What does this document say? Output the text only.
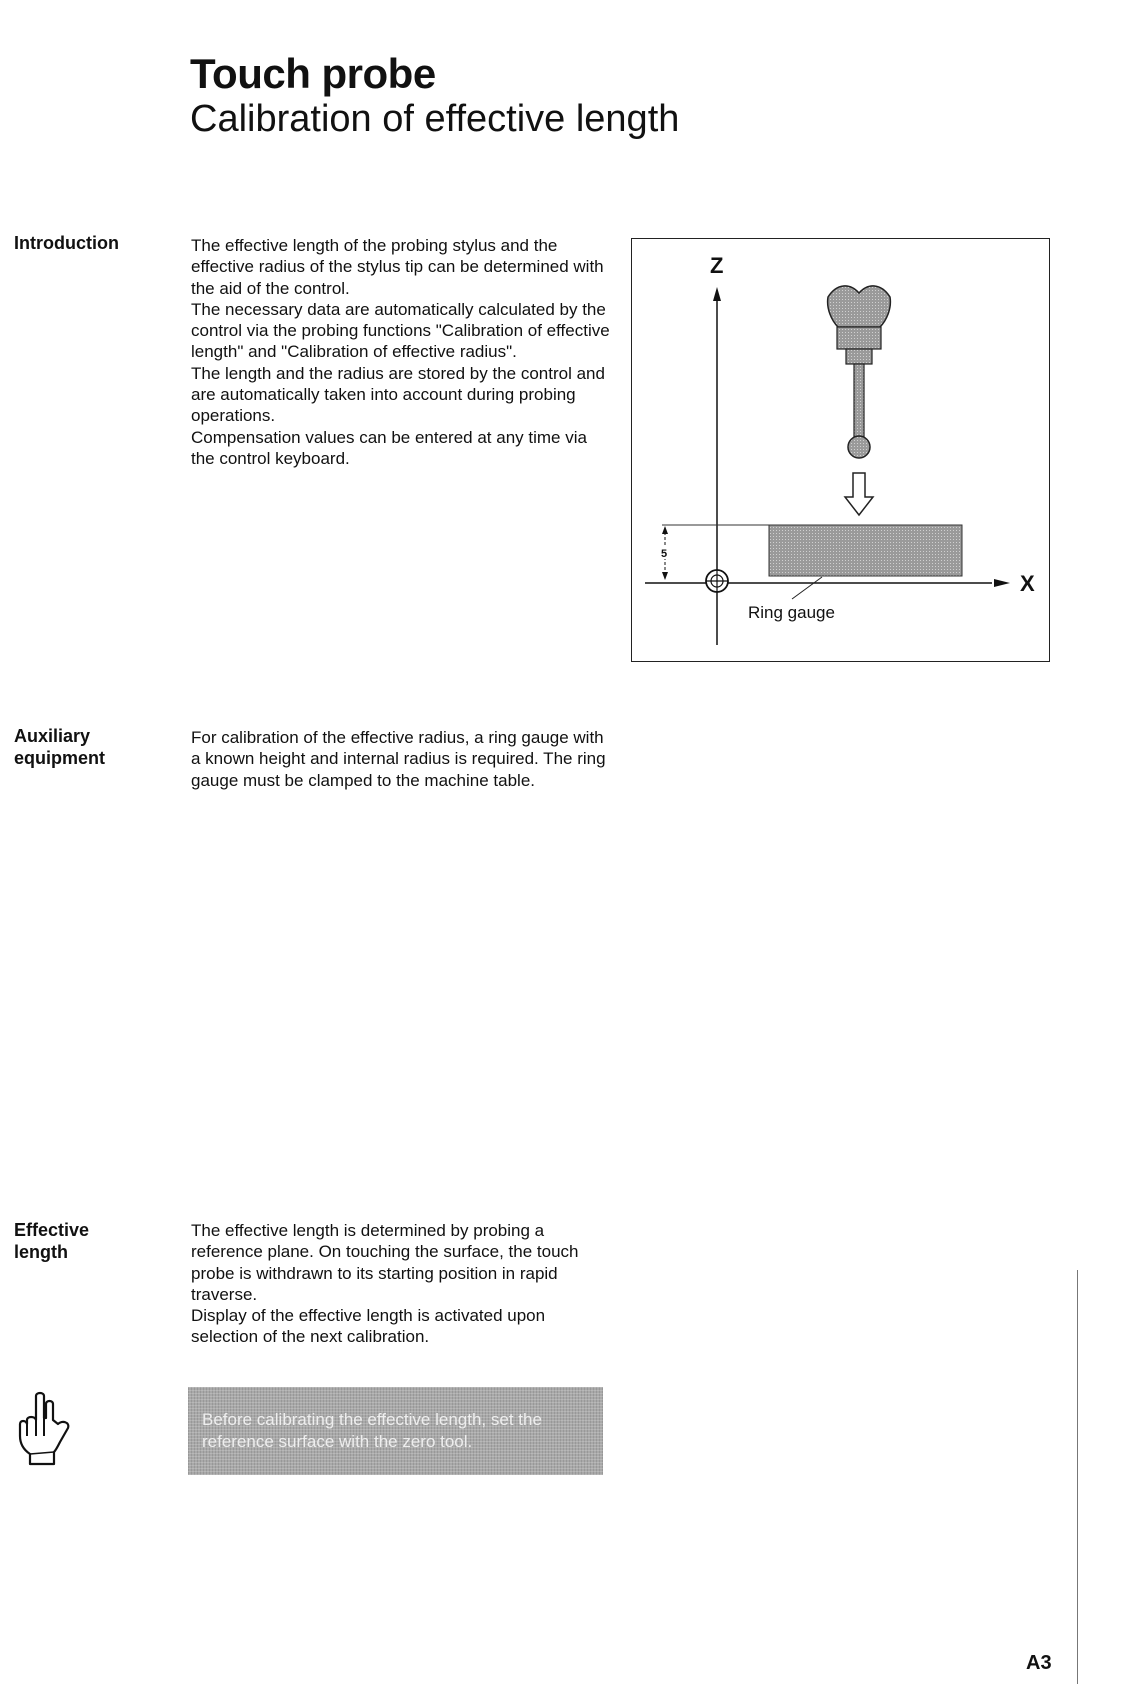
Touch probe
Calibration of effective length
Introduction	The effective length of the probing stylus and the effective radius of the stylus tip can be determined with the aid of the control.

The necessary data are automatically calculated by the control via the probing functions "Calibration of effective length" and "Calibration of effective radius".

The length and the radius are stored by the control and are automatically taken into account during probing operations.

Compensation values can be entered at any time via the control keyboard.

Z
X
5
Ring gauge
Auxiliary
equipment

For calibration of the effective radius, a ring gauge with a known height and internal radius is required. The ring gauge must be clamped to the machine table.

Effective
length

The effective length is determined by probing a reference plane. On touching the surface, the touch probe is withdrawn to its starting position in rapid traverse.

Display of the effective length is activated upon selection of the next calibration.

Before calibrating the effective length, set the reference surface with the zero tool.
A3
